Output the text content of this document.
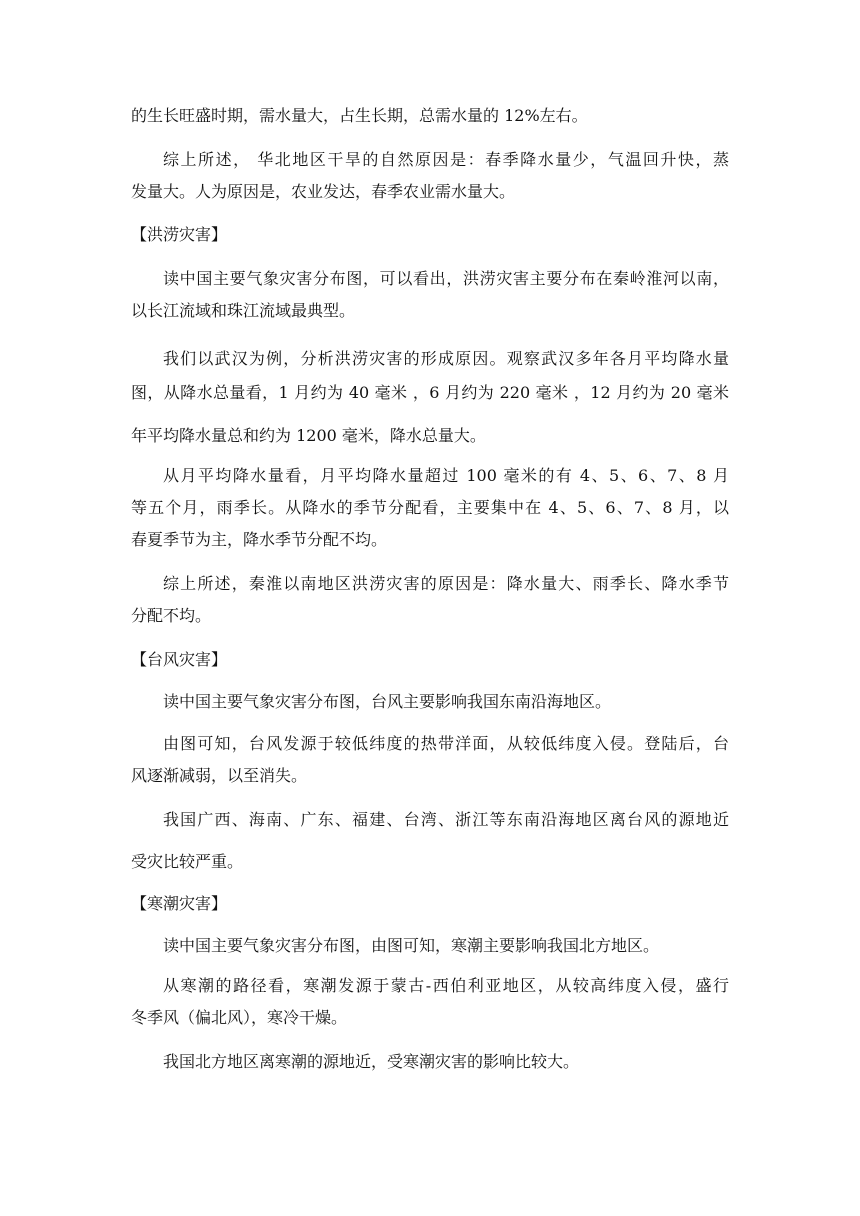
的生长旺盛时期，需水量大，占生长期，总需水量的 12%左右。
综上所述， 华北地区干旱的自然原因是：春季降水量少，气温回升快，蒸
发量大。人为原因是，农业发达，春季农业需水量大。
【洪涝灾害】
读中国主要气象灾害分布图，可以看出，洪涝灾害主要分布在秦岭淮河以南，
以长江流域和珠江流域最典型。
我们以武汉为例，分析洪涝灾害的形成原因。观察武汉多年各月平均降水量
图，从降水总量看，1 月约为 40 毫米 ，6 月约为 220 毫米 ，12 月约为 20 毫米
年平均降水量总和约为 1200 毫米，降水总量大。
从月平均降水量看，月平均降水量超过 100 毫米的有 4、5、6、7、8 月
等五个月，雨季长。从降水的季节分配看，主要集中在 4、5、6、7、8 月，以
春夏季节为主，降水季节分配不均。
综上所述，秦淮以南地区洪涝灾害的原因是：降水量大、雨季长、降水季节
分配不均。
【台风灾害】
读中国主要气象灾害分布图，台风主要影响我国东南沿海地区。
由图可知，台风发源于较低纬度的热带洋面，从较低纬度入侵。登陆后，台
风逐渐减弱，以至消失。
我国广西、海南、广东、福建、台湾、浙江等东南沿海地区离台风的源地近
受灾比较严重。
【寒潮灾害】
读中国主要气象灾害分布图，由图可知，寒潮主要影响我国北方地区。
从寒潮的路径看，寒潮发源于蒙古-西伯利亚地区，从较高纬度入侵，盛行
冬季风（偏北风），寒冷干燥。
我国北方地区离寒潮的源地近，受寒潮灾害的影响比较大。
